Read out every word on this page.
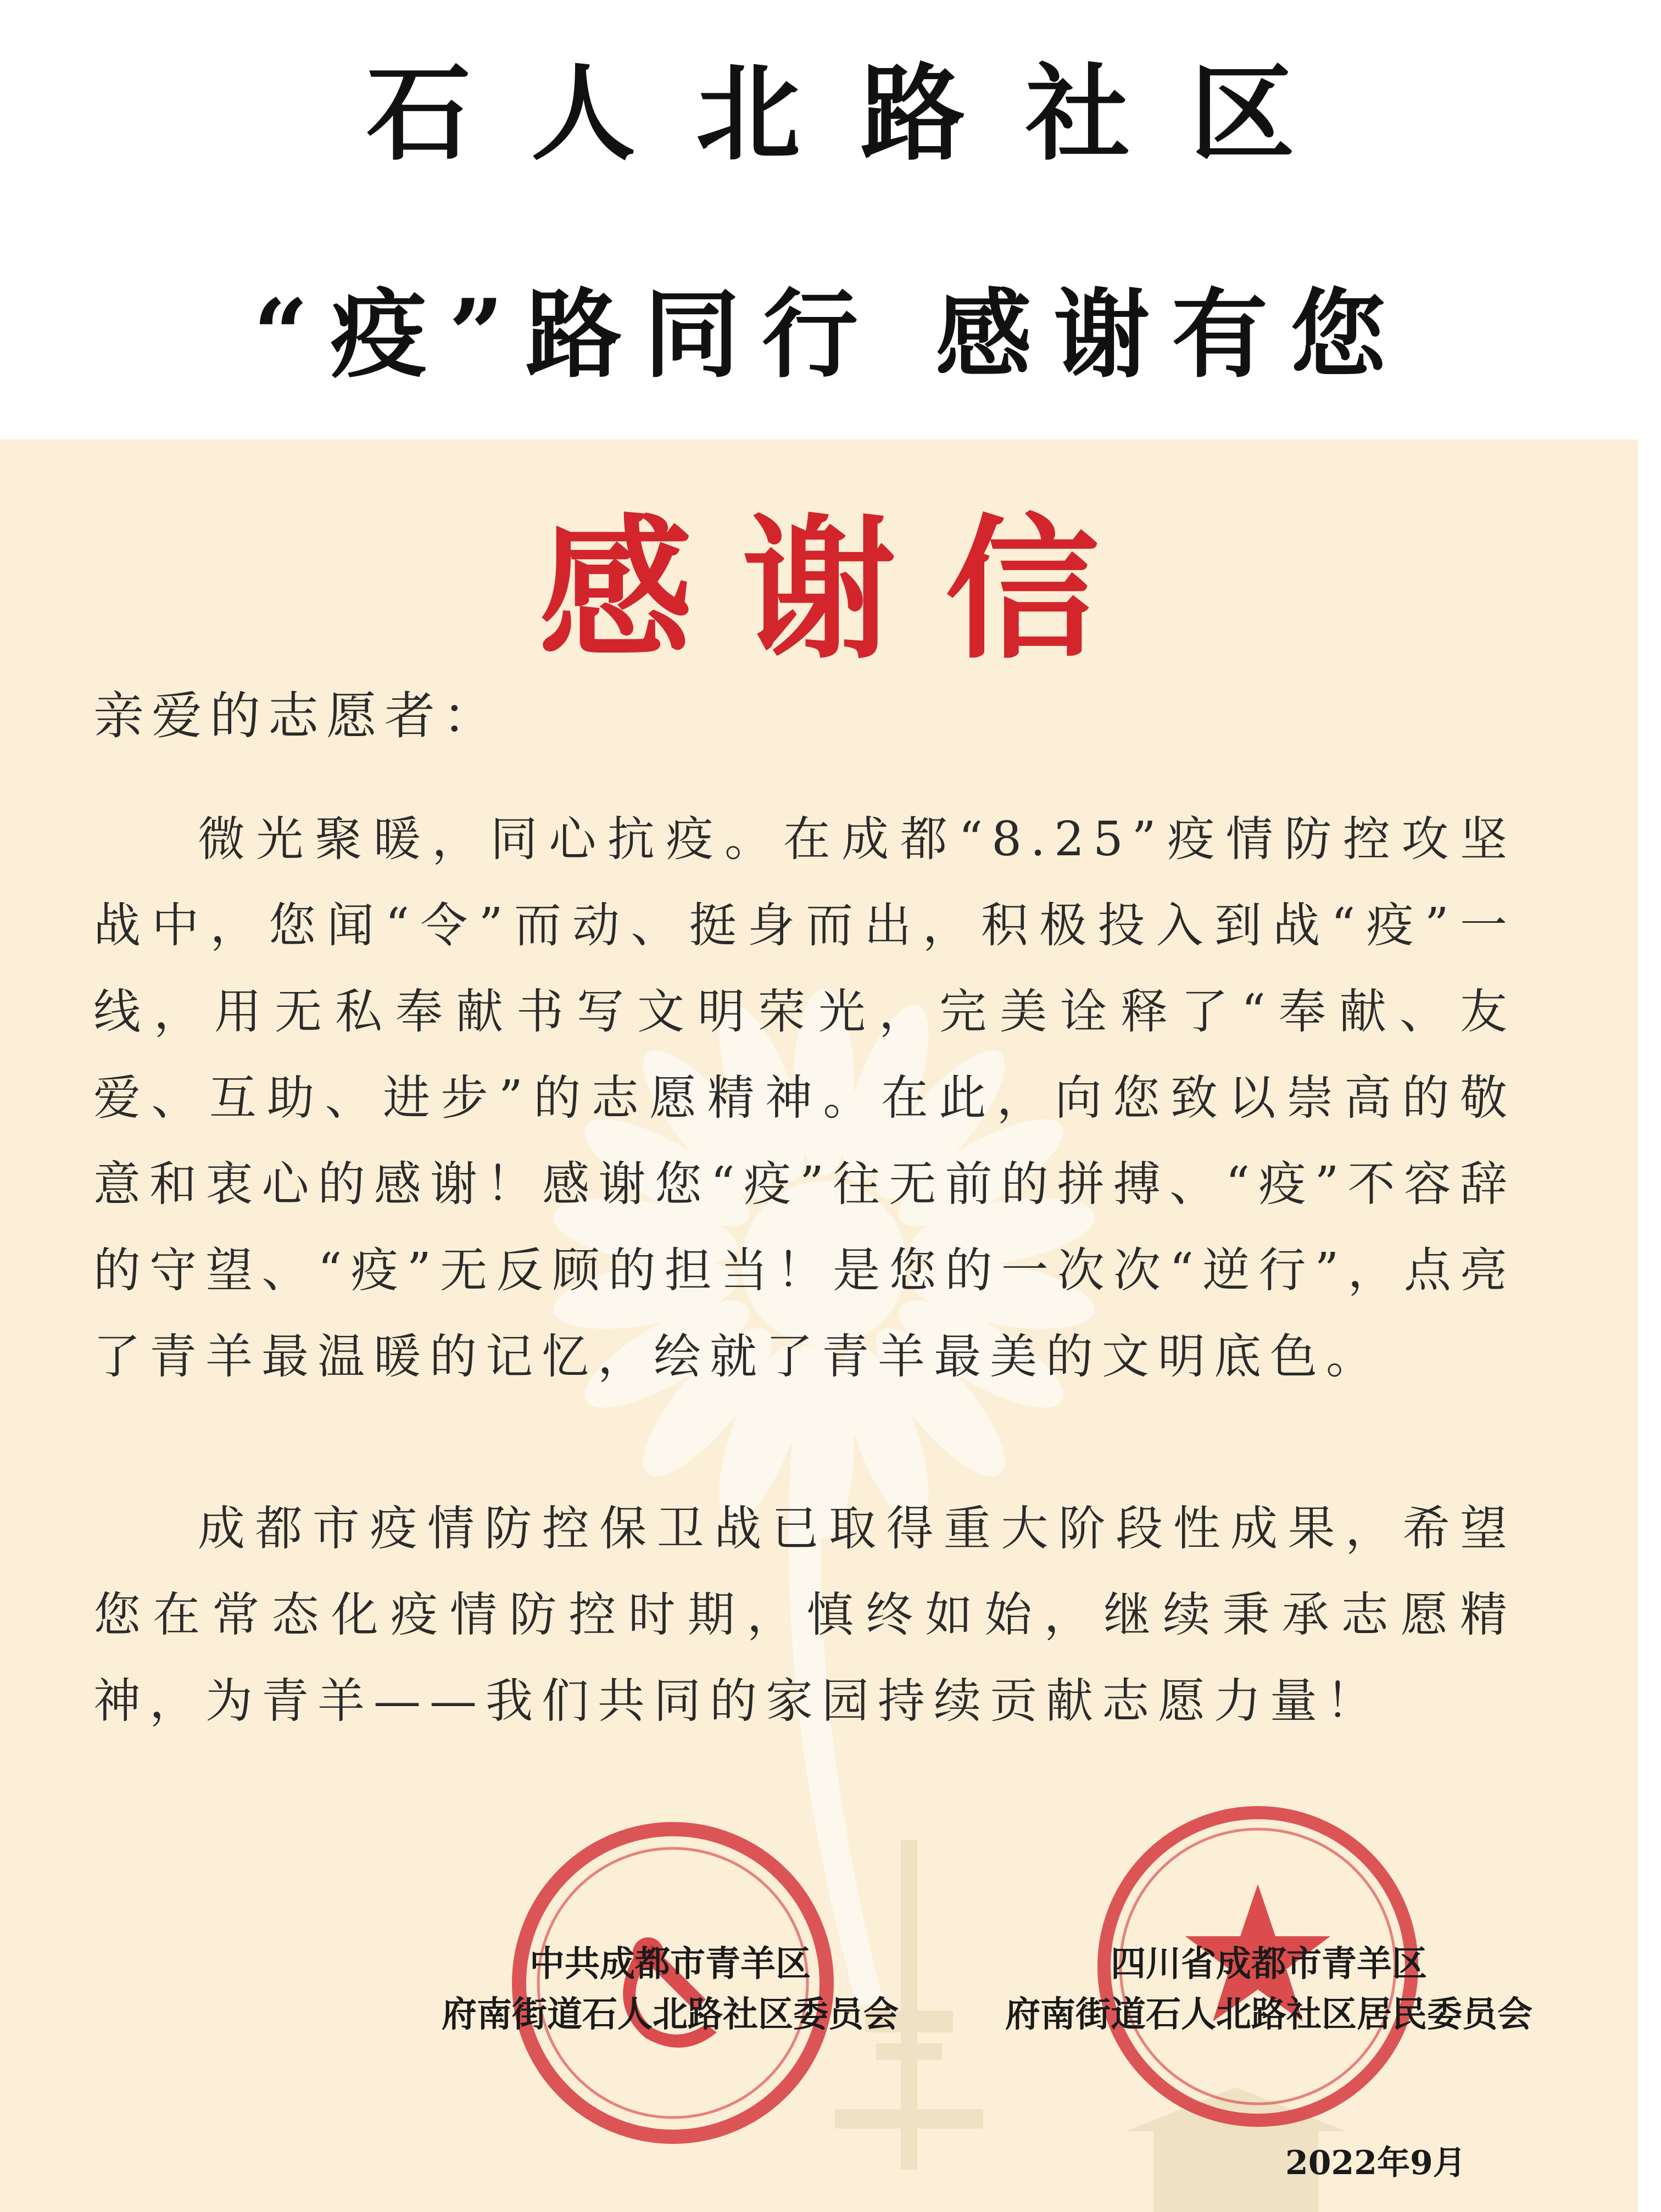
石人北路社区
“疫”路同行 感谢有您
感谢信
亲爱的志愿者：
微光聚暖，同心抗疫。在成都“8.25”疫情防控攻坚战中，您闻“令”而动、挺身而出，积极投入到战“疫”一线，用无私奉献书写文明荣光，完美诠释了“奉献、友爱、互助、进步”的志愿精神。在此，向您致以崇高的敬意和衷心的感谢！感谢您“疫”往无前的拼搏、“疫”不容辞的守望、“疫”无反顾的担当！是您的一次次“逆行”，点亮了青羊最温暖的记忆，绘就了青羊最美的文明底色。
成都市疫情防控保卫战已取得重大阶段性成果，希望您在常态化疫情防控时期，慎终如始，继续秉承志愿精神，为青羊——我们共同的家园持续贡献志愿力量！
中共成都市青羊区
府南街道石人北路社区委员会
四川省成都市青羊区
府南街道石人北路社区居民委员会
2022年9月
